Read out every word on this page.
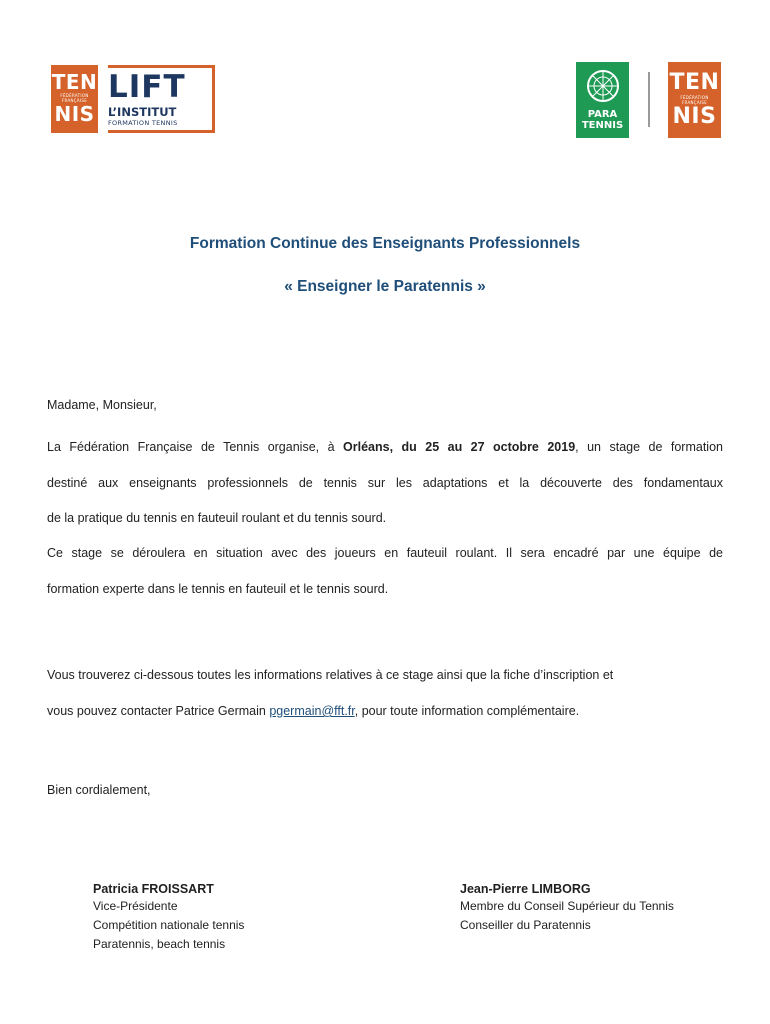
TEN
FÉDÉRATION FRANÇAISE
NIS
LIFT
L’INSTITUT
FORMATION TENNIS
PARA
TENNIS
TEN
FÉDÉRATION FRANÇAISE
NIS
Formation Continue des Enseignants Professionnels
« Enseigner le Paratennis »
Madame, Monsieur,
La Fédération Française de Tennis organise, à Orléans, du 25 au 27 octobre 2019, un stage de formation
destiné aux enseignants professionnels de tennis sur les adaptations et la découverte des fondamentaux
de la pratique du tennis en fauteuil roulant et du tennis sourd.
Ce stage se déroulera en situation avec des joueurs en fauteuil roulant. Il sera encadré par une équipe de
formation experte dans le tennis en fauteuil et le tennis sourd.
Vous trouverez ci-dessous toutes les informations relatives à ce stage ainsi que la fiche d’inscription et
vous pouvez contacter Patrice Germain pgermain@fft.fr, pour toute information complémentaire.
Bien cordialement,
Patricia FROISSART
Vice-Présidente
Compétition nationale tennis
Paratennis, beach tennis
Jean-Pierre LIMBORG
Membre du Conseil Supérieur du Tennis
Conseiller du Paratennis
